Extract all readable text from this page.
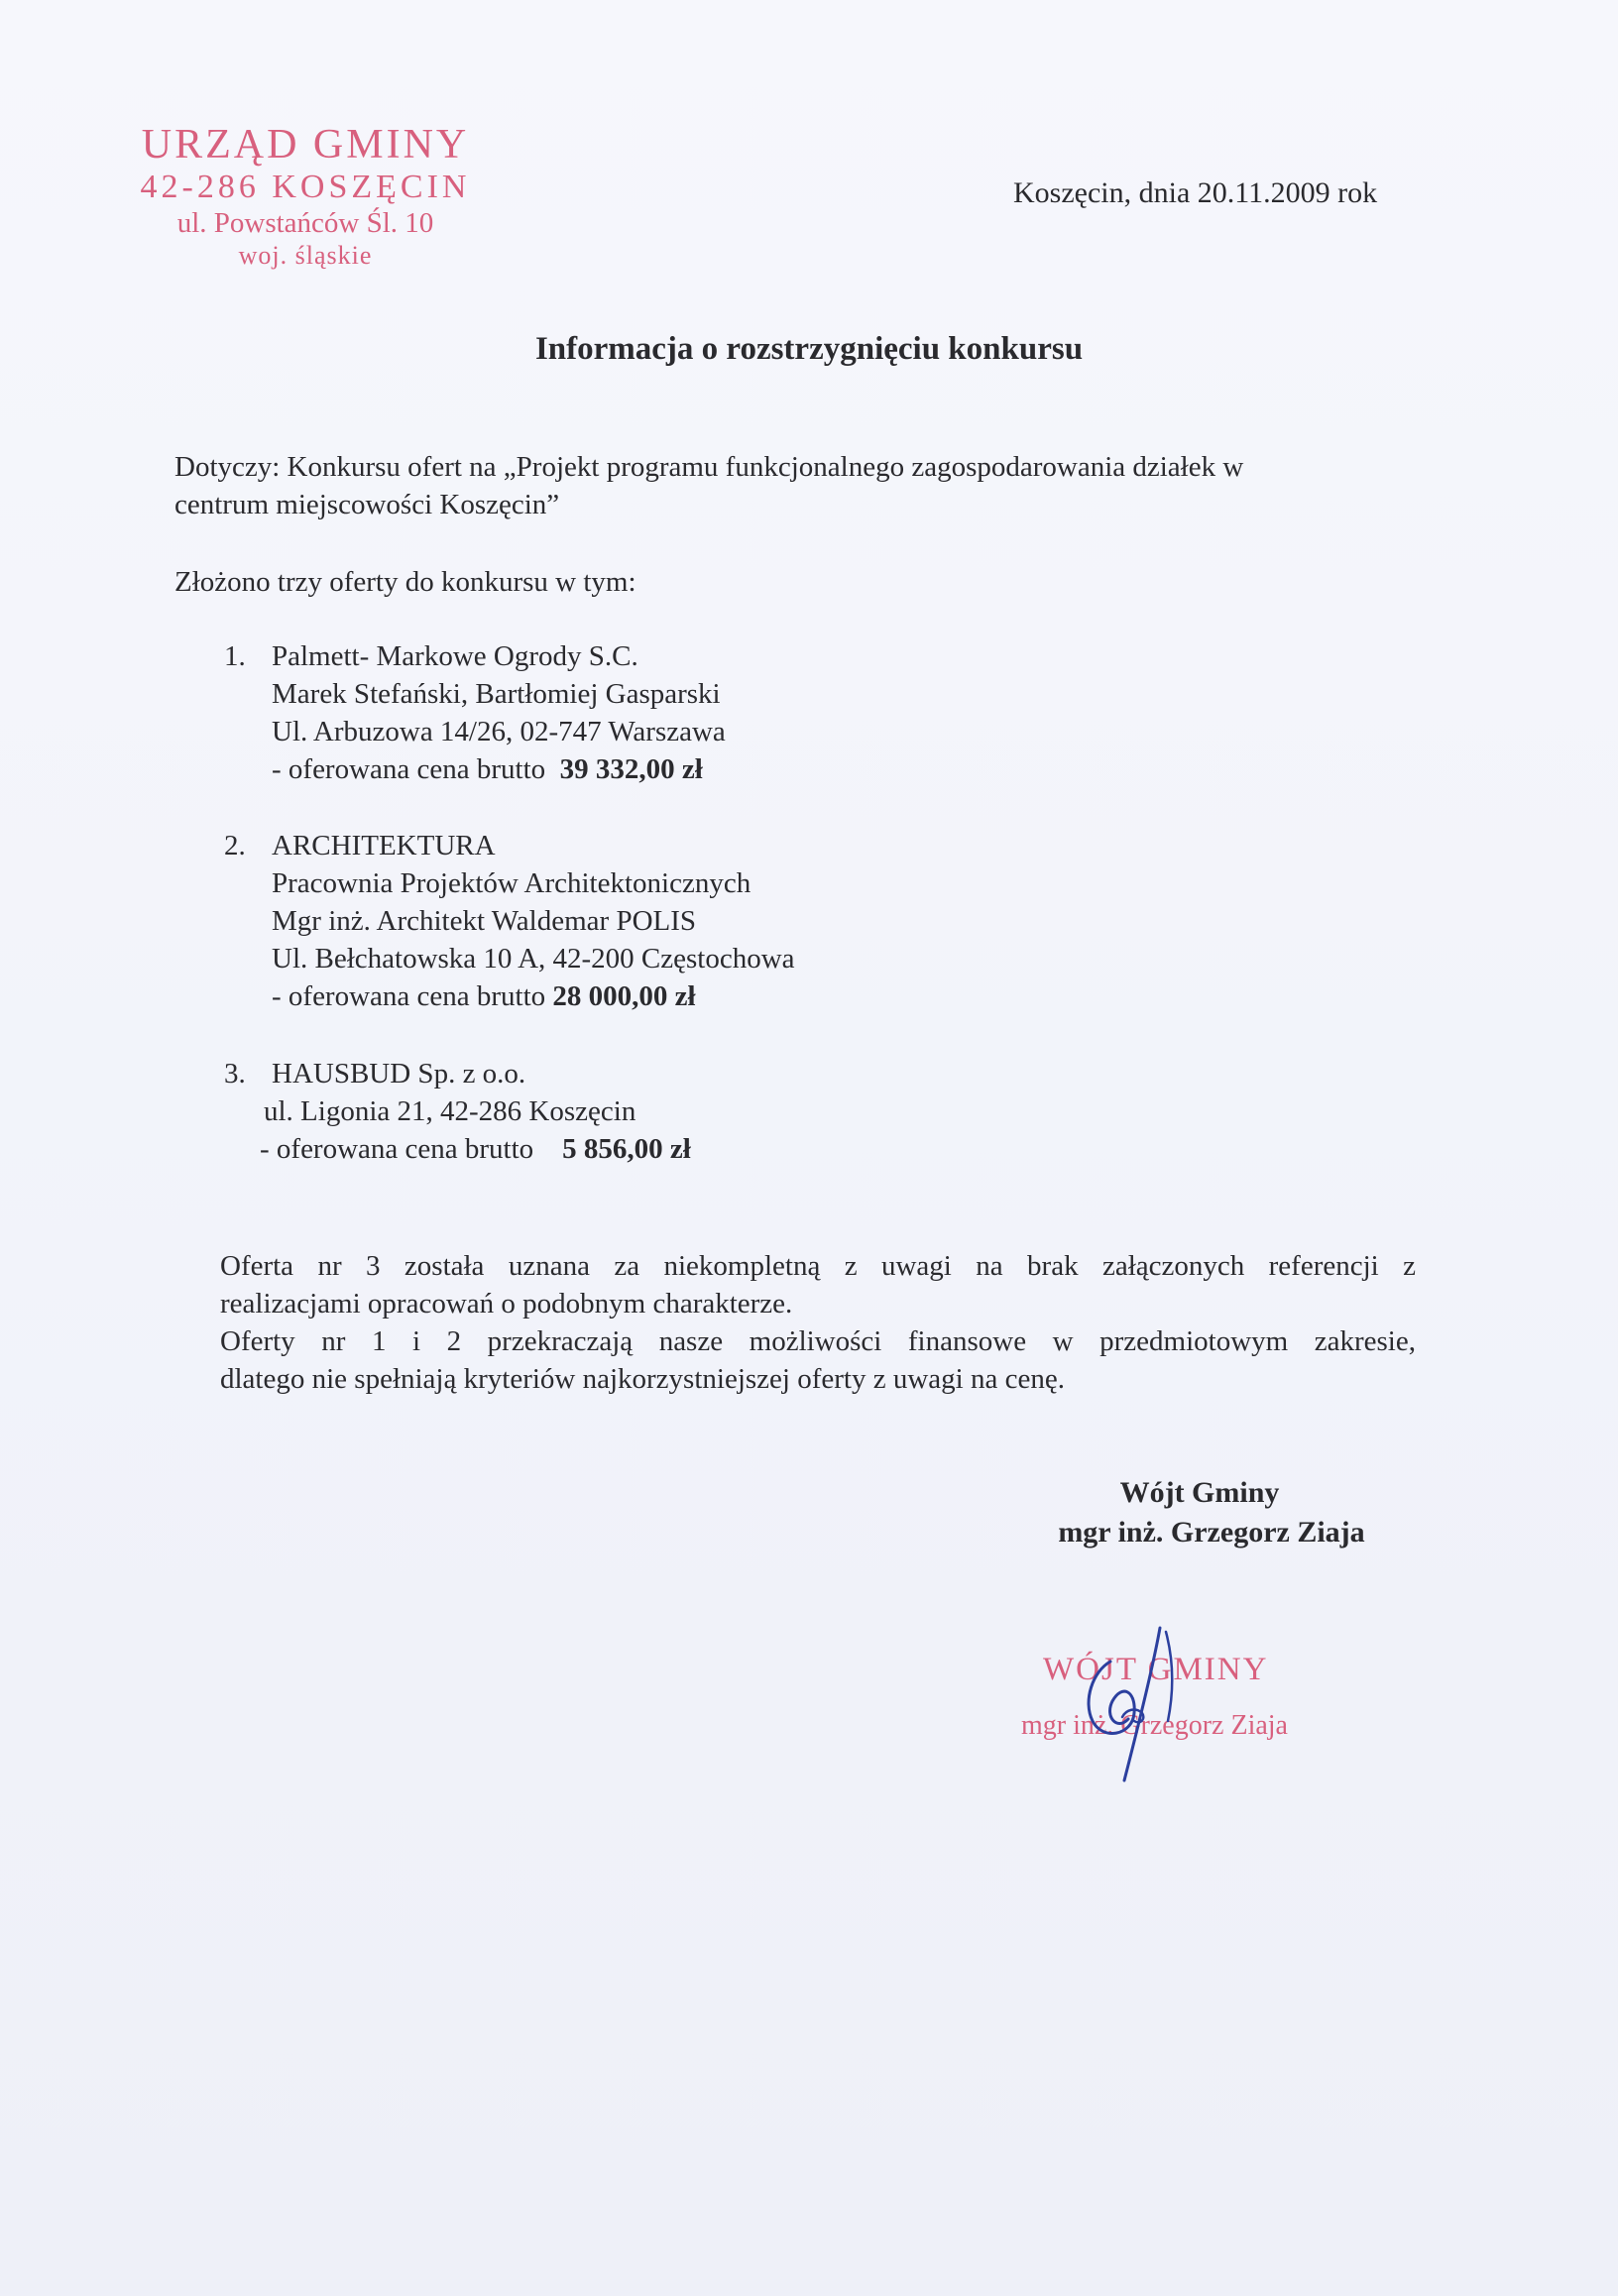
URZĄD GMINY
42-286 KOSZĘCIN
ul. Powstańców Śl. 10
woj. śląskie
Koszęcin, dnia 20.11.2009 rok
Informacja o rozstrzygnięciu konkursu
Dotyczy: Konkursu ofert na „Projekt programu funkcjonalnego zagospodarowania działek w
centrum miejscowości Koszęcin”
Złożono trzy oferty do konkursu w tym:
1. Palmett- Markowe Ogrody S.C.
Marek Stefański, Bartłomiej Gasparski
Ul. Arbuzowa 14/26, 02-747 Warszawa
- oferowana cena brutto 39 332,00 zł
2. ARCHITEKTURA
Pracownia Projektów Architektonicznych
Mgr inż. Architekt Waldemar POLIS
Ul. Bełchatowska 10 A, 42-200 Częstochowa
- oferowana cena brutto 28 000,00 zł
3. HAUSBUD Sp. z o.o.
ul. Ligonia 21, 42-286 Koszęcin
- oferowana cena brutto 5 856,00 zł
Oferta nr 3 została uznana za niekompletną z uwagi na brak załączonych referencji z
realizacjami opracowań o podobnym charakterze.
Oferty nr 1 i 2 przekraczają nasze możliwości finansowe w przedmiotowym zakresie,
dlatego nie spełniają kryteriów najkorzystniejszej oferty z uwagi na cenę.
Wójt Gminy
mgr inż. Grzegorz Ziaja
WÓJT GMINY
mgr inż. Grzegorz Ziaja
